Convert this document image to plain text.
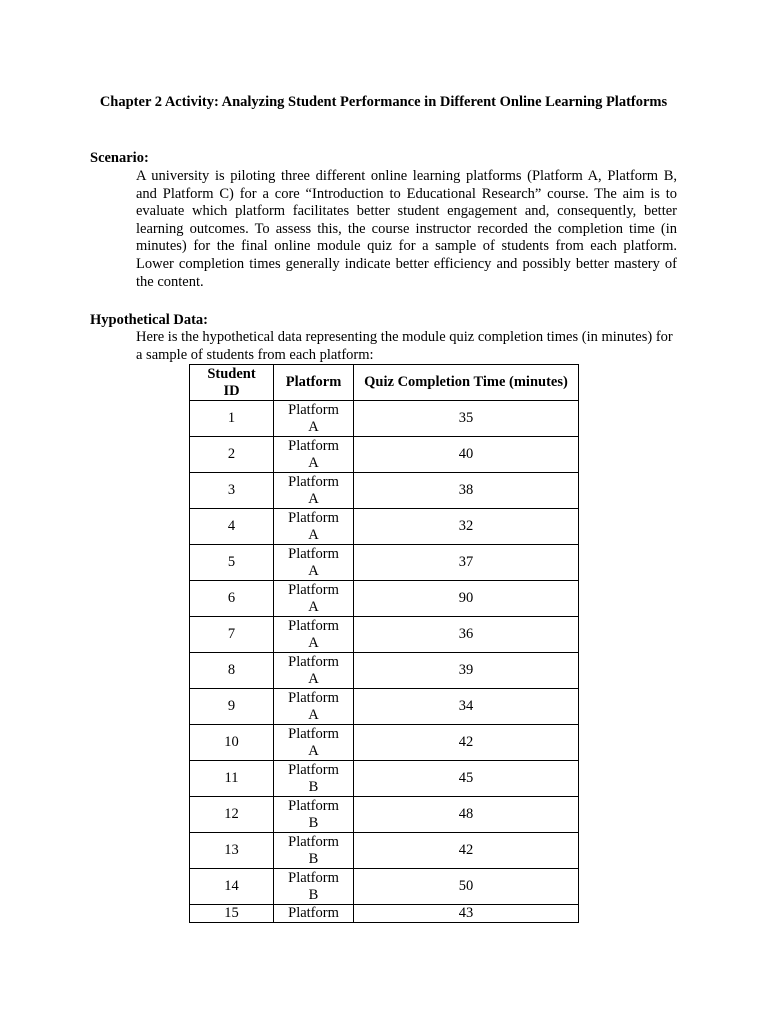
Chapter 2 Activity: Analyzing Student Performance in Different Online Learning Platforms
Scenario:
A university is piloting three different online learning platforms (Platform A, Platform B, and Platform C) for a core “Introduction to Educational Research” course. The aim is to evaluate which platform facilitates better student engagement and, consequently, better learning outcomes. To assess this, the course instructor recorded the completion time (in minutes) for the final online module quiz for a sample of students from each platform. Lower completion times generally indicate better efficiency and possibly better mastery of the content.
Hypothetical Data:
Here is the hypothetical data representing the module quiz completion times (in minutes) for a sample of students from each platform:
Student ID	Platform	Quiz Completion Time (minutes)
1	Platform A	35
2	Platform A	40
3	Platform A	38
4	Platform A	32
5	Platform A	37
6	Platform A	90
7	Platform A	36
8	Platform A	39
9	Platform A	34
10	Platform A	42
11	Platform B	45
12	Platform B	48
13	Platform B	42
14	Platform B	50
15	Platform	43
